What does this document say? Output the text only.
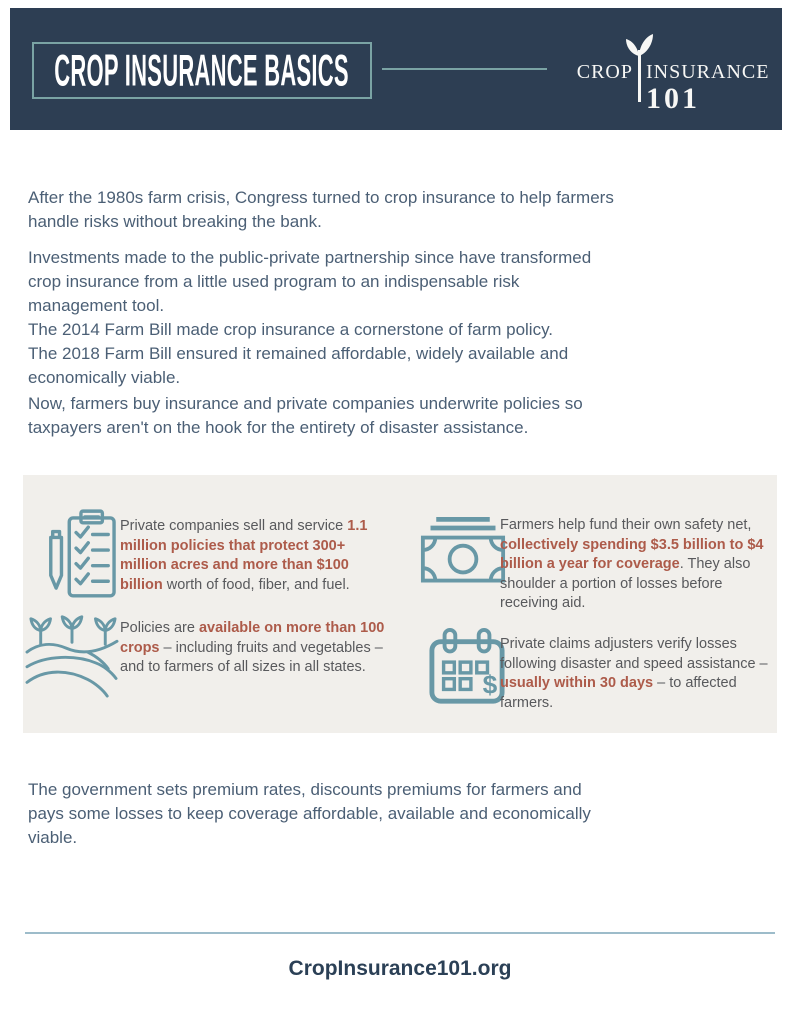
CROP INSURANCE BASICS	CROP INSURANCE
101

After the 1980s farm crisis, Congress turned to crop insurance to help farmers handle risks without breaking the bank.

Investments made to the public-private partnership since have transformed crop insurance from a little used program to an indispensable risk management tool.

The 2014 Farm Bill made crop insurance a cornerstone of farm policy. The 2018 Farm Bill ensured it remained affordable, widely available and economically viable.

Now, farmers buy insurance and private companies underwrite policies so taxpayers aren't on the hook for the entirety of disaster assistance.

Private companies sell and service 1.1 million policies that protect 300+ million acres and more than $100 billion worth of food, fiber, and fuel.

Farmers help fund their own safety net, collectively spending $3.5 billion to $4 billion a year for coverage. They also shoulder a portion of losses before receiving aid.

Policies are available on more than 100 crops – including fruits and vegetables – and to farmers of all sizes in all states.

$

Private claims adjusters verify losses following disaster and speed assistance – usually within 30 days – to affected farmers.

The government sets premium rates, discounts premiums for farmers and pays some losses to keep coverage affordable, available and economically viable.

CropInsurance101.org
